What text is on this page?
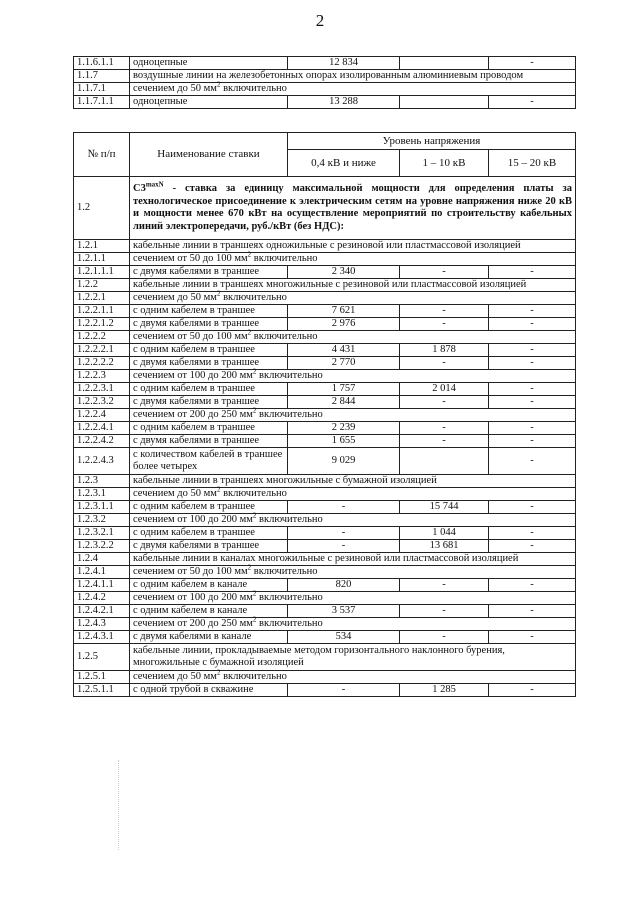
2
1.1.6.1.1	одноцепные	12 834		-
1.1.7	воздушные линии на железобетонных опорах изолированным алюминиевым проводом			
1.1.7.1	сечением до 50 $мм^2$ включительно			
1.1.7.1.1	одноцепные	13 288		-
№ п/п	Наименование ставки	Уровень напряжения		
		0,4 кВ и ниже	1 – 10 кВ	15 – 20 кВ
1.2	$С3^{maxN}$ - ставка за единицу максимальной мощности для определения платы за технологическое присоединение к электрическим сетям на уровне напряжения ниже 20 кВ и мощности менее 670 кВт на осуществление мероприятий по строительству кабельных линий электропередачи, руб./кВт (без НДС):			
1.2.1	кабельные линии в траншеях одножильные с резиновой или пластмассовой изоляцией			
1.2.1.1	сечением от 50 до 100 $мм^2$ включительно			
1.2.1.1.1	с двумя кабелями в траншее	2 340	-	-
1.2.2	кабельные линии в траншеях многожильные с резиновой или пластмассовой изоляцией			
1.2.2.1	сечением до 50 $мм^2$ включительно			
1.2.2.1.1	с одним кабелем в траншее	7 621	-	-
1.2.2.1.2	с двумя кабелями в траншее	2 976	-	-
1.2.2.2	сечением от 50 до 100 $мм^2$ включительно			
1.2.2.2.1	с одним кабелем в траншее	4 431	1 878	-
1.2.2.2.2	с двумя кабелями в траншее	2 770	-	-
1.2.2.3	сечением от 100 до 200 $мм^2$ включительно			
1.2.2.3.1	с одним кабелем в траншее	1 757	2 014	-
1.2.2.3.2	с двумя кабелями в траншее	2 844	-	-
1.2.2.4	сечением от 200 до 250 $мм^2$ включительно			
1.2.2.4.1	с одним кабелем в траншее	2 239	-	-
1.2.2.4.2	с двумя кабелями в траншее	1 655	-	-
1.2.2.4.3	с количеством кабелей в траншее более четырех	9 029		-
1.2.3	кабельные линии в траншеях многожильные с бумажной изоляцией			
1.2.3.1	сечением до 50 $мм^2$ включительно			
1.2.3.1.1	с одним кабелем в траншее	-	15 744	-
1.2.3.2	сечением от 100 до 200 $мм^2$ включительно			
1.2.3.2.1	с одним кабелем в траншее	-	1 044	-
1.2.3.2.2	с двумя кабелями в траншее	-	13 681	-
1.2.4	кабельные линии в каналах многожильные с резиновой или пластмассовой изоляцией			
1.2.4.1	сечением от 50 до 100 $мм^2$ включительно			
1.2.4.1.1	с одним кабелем в канале	820	-	-
1.2.4.2	сечением от 100 до 200 $мм^2$ включительно			
1.2.4.2.1	с одним кабелем в канале	3 537	-	-
1.2.4.3	сечением от 200 до 250 $мм^2$ включительно			
1.2.4.3.1	с двумя кабелями в канале	534	-	-
1.2.5	кабельные линии, прокладываемые методом горизонтального наклонного бурения, многожильные с бумажной изоляцией			
1.2.5.1	сечением до 50 $мм^2$ включительно			
1.2.5.1.1	с одной трубой в скважине	-	1 285	-
